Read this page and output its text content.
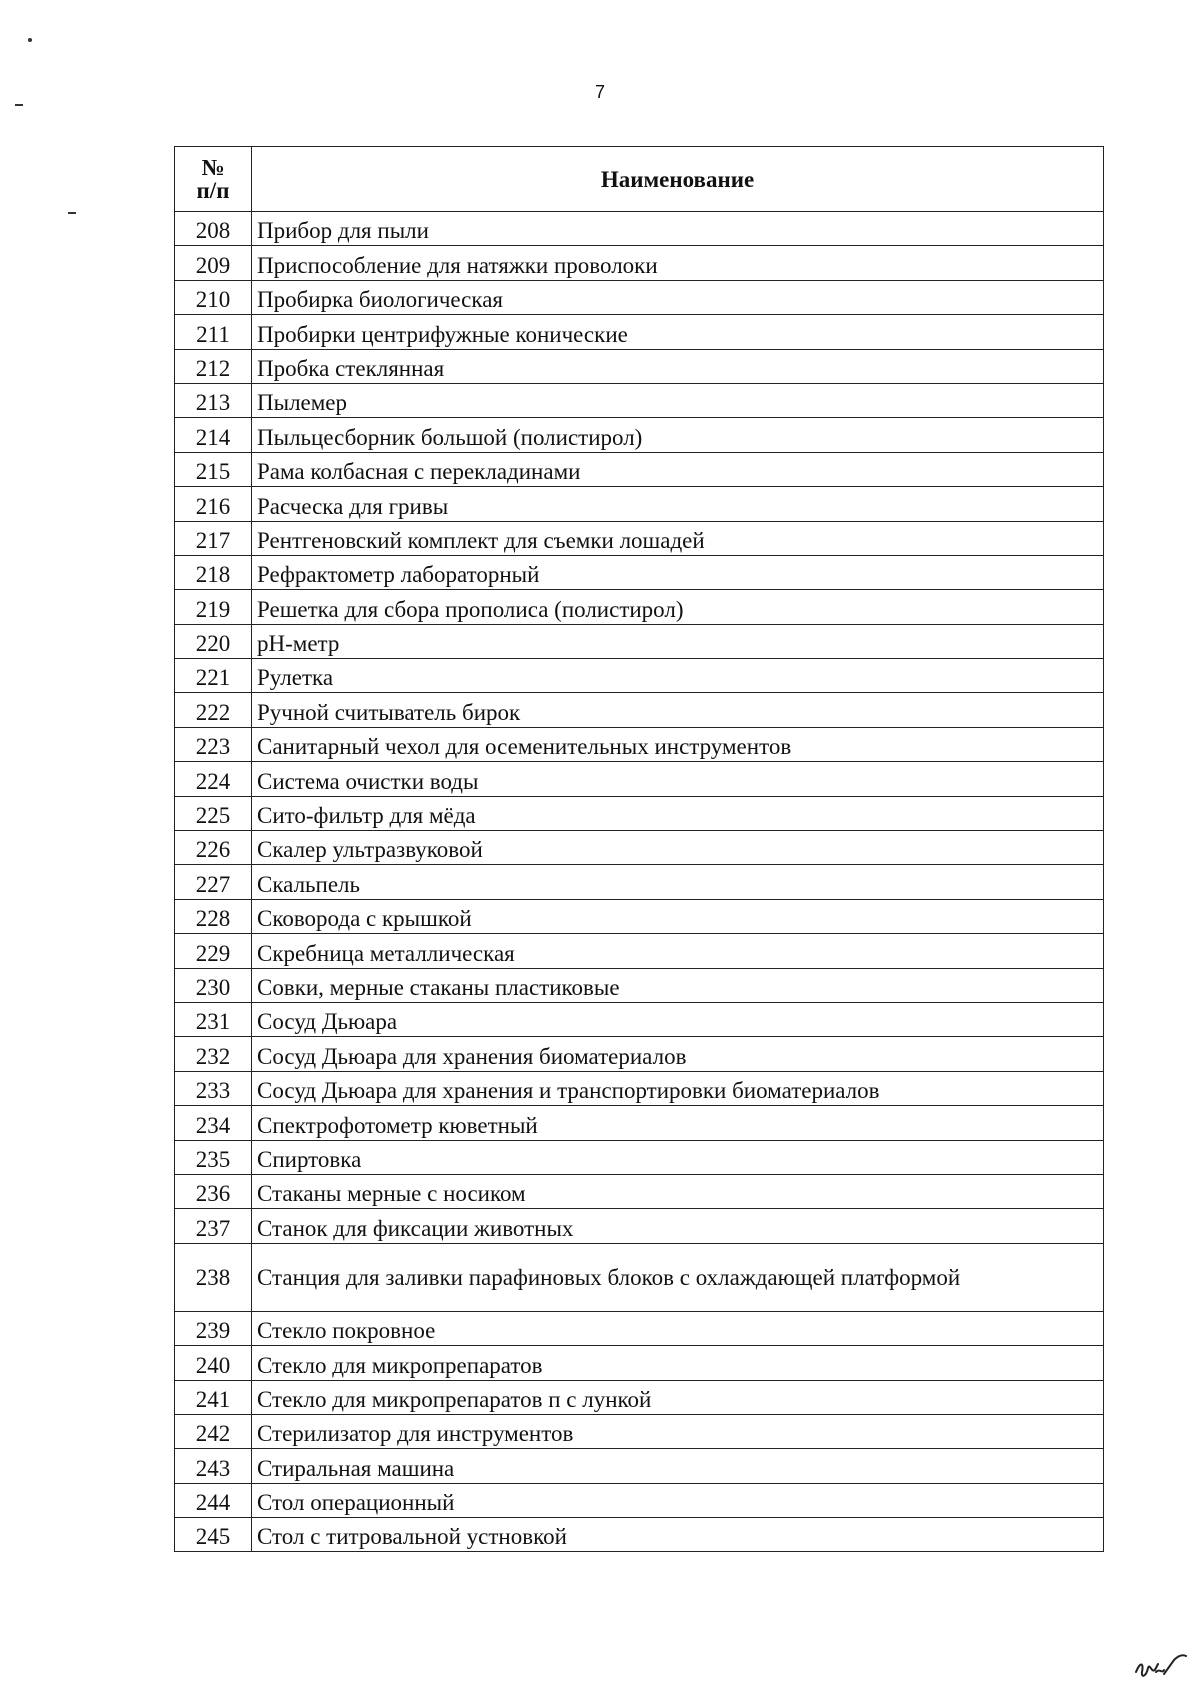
7
№
п/п	Наименование
208	Прибор для пыли
209	Приспособление для натяжки проволоки
210	Пробирка биологическая
211	Пробирки центрифужные конические
212	Пробка стеклянная
213	Пылемер
214	Пыльцесборник большой (полистирол)
215	Рама колбасная с перекладинами
216	Расческа для гривы
217	Рентгеновский комплект для съемки лошадей
218	Рефрактометр лабораторный
219	Решетка для сбора прополиса (полистирол)
220	pH-метр
221	Рулетка
222	Ручной считыватель бирок
223	Санитарный чехол для осеменительных инструментов
224	Система очистки воды
225	Сито-фильтр для мёда
226	Скалер ультразвуковой
227	Скальпель
228	Сковорода с крышкой
229	Скребница металлическая
230	Совки, мерные стаканы пластиковые
231	Сосуд Дьюара
232	Сосуд Дьюара для хранения биоматериалов
233	Сосуд Дьюара для хранения и транспортировки биоматериалов
234	Спектрофотометр кюветный
235	Спиртовка
236	Стаканы мерные с носиком
237	Станок для фиксации животных
238	Станция для заливки парафиновых блоков с охлаждающей платформой
239	Стекло покровное
240	Стекло для микропрепаратов
241	Стекло для микропрепаратов п с лункой
242	Стерилизатор для инструментов
243	Стиральная машина
244	Стол операционный
245	Стол с титровальной устновкой
